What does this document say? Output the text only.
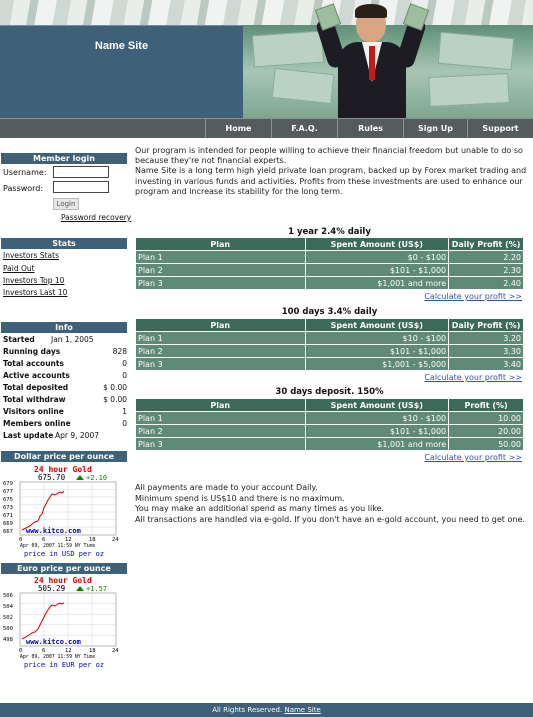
Name Site
Home	F.A.Q.	Rules	Sign Up	Support
Member login
Username:
Password:
Login
Password recovery
Stats
Investors Stats
Paid Out
Investors Top 10
Investors Last 10
Info
Started Jan 1, 2005
Running days	828
Total accounts	0
Active accounts	0
Total deposited	$ 0.00
Total withdraw	$ 0.00
Visitors online	1
Members online	0
Last update Apr 9, 2007
Dollar price per ounce
24 hour Gold
675.70	+2.10
679
677
675
673
671
669
667
0	6	12	18	24
www.kitco.com
Apr 09, 2007 11:59 NY Time
price in USD per oz
Euro price per ounce
24 hour Gold
505.29	+1.57
506
504
502
500
498
0	6	12	18	24
www.kitco.com
Apr 09, 2007 11:59 NY Time
price in EUR per oz
Our program is intended for people willing to achieve their financial freedom but unable to do so because they're not financial experts.
Name Site is a long term high yield private loan program, backed up by Forex market trading and investing in various funds and activities. Profits from these investments are used to enhance our program and increase its stability for the long term.
1 year 2.4% daily
Plan	Spent Amount (US$)	Daily Profit (%)
Plan 1	$0 - $100	2.20
Plan 2	$101 - $1,000	2.30
Plan 3	$1,001 and more	2.40
Calculate your profit >>
100 days 3.4% daily
Plan	Spent Amount (US$)	Daily Profit (%)
Plan 1	$10 - $100	3.20
Plan 2	$101 - $1,000	3.30
Plan 3	$1,001 - $5,000	3.40
Calculate your profit >>
30 days deposit. 150%
Plan	Spent Amount (US$)	Profit (%)
Plan 1	$10 - $100	10.00
Plan 2	$101 - $1,000	20.00
Plan 3	$1,001 and more	50.00
Calculate your profit >>
All payments are made to your account Daily.
Minimum spend is US$10 and there is no maximum.
You may make an additional spend as many times as you like.
All transactions are handled via e-gold. If you don't have an e-gold account, you need to get one.
All Rights Reserved. Name Site
